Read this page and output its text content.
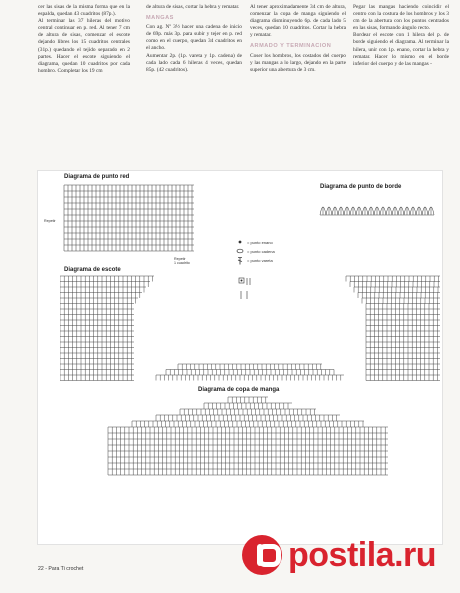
cer las sisas de la misma forma que en la espalda, quedan 43 cuadritos (87p.).

Al terminar las 37 hileras del motivo central continuar en p. red. Al tener 7 cm de altura de sisas, comenzar el escote dejando libres los 15 cuadritos centrales (31p.) quedando el tejido separado en 2 partes. Hacer el escote siguiendo el diagrama, quedan 10 cuadritos por cada hombro. Completar los 19 cm

de altura de sisas, cortar la hebra y rematar.

MANGAS

Con ag. Nº 3½ hacer una cadena de inicio de 69p. más 3p. para subir y tejer en p. red como en el cuerpo, quedan 34 cuadritos en el ancho.

Aumentar 2p. (1p. vareta y 1p. cadena) de cada lado cada 6 hileras 4 veces, quedan 85p. (42 cuadritos).

Al tener aproximadamente 34 cm de altura, comenzar la copa de manga siguiendo el diagrama disminuyendo 6p. de cada lado 5 veces, quedan 10 cuadritos. Cortar la hebra y rematar.

ARMADO Y TERMINACION

Coser los hombros, los costados del cuerpo y las mangas a lo largo, dejando en la parte superior una abertura de 3 cm.

Pegar las mangas haciendo coincidir el centro con la costura de los hombros y los 3 cm de la abertura con los puntos centrados en las sisas, formando ángulo recto.

Bordear el escote con 1 hilera del p. de borde siguiendo el diagrama. Al terminar la hilera, unir con 1p. enano, cortar la hebra y rematar. Hacer lo mismo en el borde inferior del cuerpo y de las mangas -

Diagrama de punto red
Repetir
Repetir
1 cuadrito
Diagrama de punto de borde
= punto enano
= punto cadena
= punto vareta
Diagrama de escote
Diagrama de copa de manga
22 - Para Ti crochet	postila.ru
